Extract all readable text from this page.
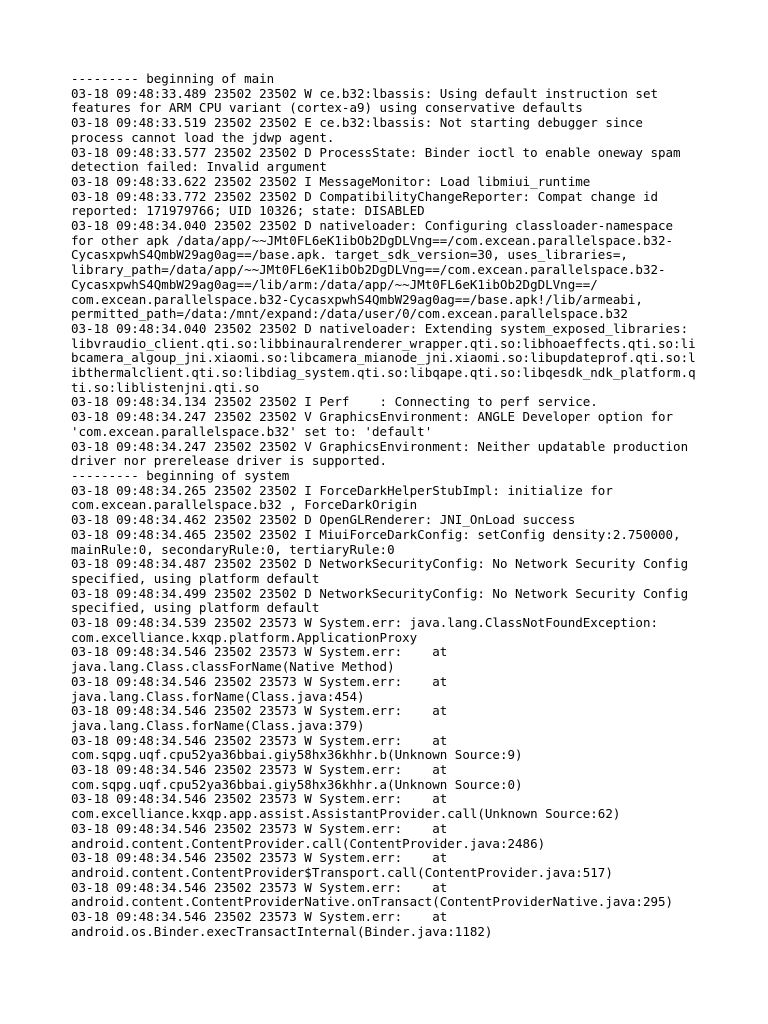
--------- beginning of main
03-18 09:48:33.489 23502 23502 W ce.b32:lbassis: Using default instruction set
features for ARM CPU variant (cortex-a9) using conservative defaults
03-18 09:48:33.519 23502 23502 E ce.b32:lbassis: Not starting debugger since
process cannot load the jdwp agent.
03-18 09:48:33.577 23502 23502 D ProcessState: Binder ioctl to enable oneway spam
detection failed: Invalid argument
03-18 09:48:33.622 23502 23502 I MessageMonitor: Load libmiui_runtime
03-18 09:48:33.772 23502 23502 D CompatibilityChangeReporter: Compat change id
reported: 171979766; UID 10326; state: DISABLED
03-18 09:48:34.040 23502 23502 D nativeloader: Configuring classloader-namespace
for other apk /data/app/~~JMt0FL6eK1ibOb2DgDLVng==/com.excean.parallelspace.b32-
CycasxpwhS4QmbW29ag0ag==/base.apk. target_sdk_version=30, uses_libraries=,
library_path=/data/app/~~JMt0FL6eK1ibOb2DgDLVng==/com.excean.parallelspace.b32-
CycasxpwhS4QmbW29ag0ag==/lib/arm:/data/app/~~JMt0FL6eK1ibOb2DgDLVng==/
com.excean.parallelspace.b32-CycasxpwhS4QmbW29ag0ag==/base.apk!/lib/armeabi,
permitted_path=/data:/mnt/expand:/data/user/0/com.excean.parallelspace.b32
03-18 09:48:34.040 23502 23502 D nativeloader: Extending system_exposed_libraries:
libvraudio_client.qti.so:libbinauralrenderer_wrapper.qti.so:libhoaeffects.qti.so:li
bcamera_algoup_jni.xiaomi.so:libcamera_mianode_jni.xiaomi.so:libupdateprof.qti.so:l
ibthermalclient.qti.so:libdiag_system.qti.so:libqape.qti.so:libqesdk_ndk_platform.q
ti.so:liblistenjni.qti.so
03-18 09:48:34.134 23502 23502 I Perf    : Connecting to perf service.
03-18 09:48:34.247 23502 23502 V GraphicsEnvironment: ANGLE Developer option for
'com.excean.parallelspace.b32' set to: 'default'
03-18 09:48:34.247 23502 23502 V GraphicsEnvironment: Neither updatable production
driver nor prerelease driver is supported.
--------- beginning of system
03-18 09:48:34.265 23502 23502 I ForceDarkHelperStubImpl: initialize for
com.excean.parallelspace.b32 , ForceDarkOrigin
03-18 09:48:34.462 23502 23502 D OpenGLRenderer: JNI_OnLoad success
03-18 09:48:34.465 23502 23502 I MiuiForceDarkConfig: setConfig density:2.750000,
mainRule:0, secondaryRule:0, tertiaryRule:0
03-18 09:48:34.487 23502 23502 D NetworkSecurityConfig: No Network Security Config
specified, using platform default
03-18 09:48:34.499 23502 23502 D NetworkSecurityConfig: No Network Security Config
specified, using platform default
03-18 09:48:34.539 23502 23573 W System.err: java.lang.ClassNotFoundException:
com.excelliance.kxqp.platform.ApplicationProxy
03-18 09:48:34.546 23502 23573 W System.err:    at
java.lang.Class.classForName(Native Method)
03-18 09:48:34.546 23502 23573 W System.err:    at
java.lang.Class.forName(Class.java:454)
03-18 09:48:34.546 23502 23573 W System.err:    at
java.lang.Class.forName(Class.java:379)
03-18 09:48:34.546 23502 23573 W System.err:    at
com.sqpg.uqf.cpu52ya36bbai.giy58hx36khhr.b(Unknown Source:9)
03-18 09:48:34.546 23502 23573 W System.err:    at
com.sqpg.uqf.cpu52ya36bbai.giy58hx36khhr.a(Unknown Source:0)
03-18 09:48:34.546 23502 23573 W System.err:    at
com.excelliance.kxqp.app.assist.AssistantProvider.call(Unknown Source:62)
03-18 09:48:34.546 23502 23573 W System.err:    at
android.content.ContentProvider.call(ContentProvider.java:2486)
03-18 09:48:34.546 23502 23573 W System.err:    at
android.content.ContentProvider$Transport.call(ContentProvider.java:517)
03-18 09:48:34.546 23502 23573 W System.err:    at
android.content.ContentProviderNative.onTransact(ContentProviderNative.java:295)
03-18 09:48:34.546 23502 23573 W System.err:    at
android.os.Binder.execTransactInternal(Binder.java:1182)
